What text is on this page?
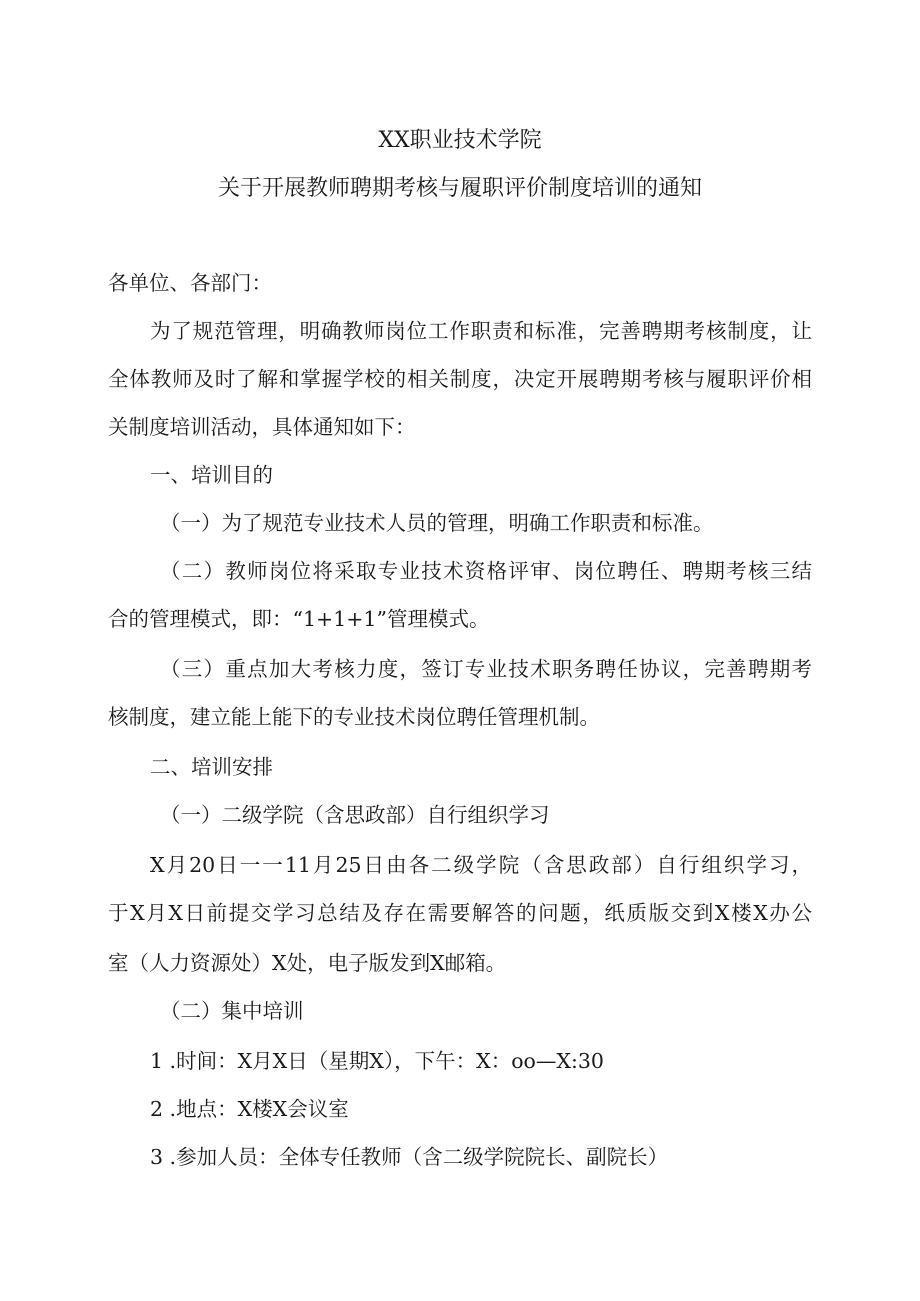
XX职业技术学院
关于开展教师聘期考核与履职评价制度培训的通知

各单位、各部门：

为了规范管理，明确教师岗位工作职责和标准，完善聘期考核制度，让

全体教师及时了解和掌握学校的相关制度，决定开展聘期考核与履职评价相

关制度培训活动，具体通知如下：

一、培训目的

（一）为了规范专业技术人员的管理，明确工作职责和标准。

（二）教师岗位将采取专业技术资格评审、岗位聘任、聘期考核三结

合的管理模式，即：“1+1+1”管理模式。

（三）重点加大考核力度，签订专业技术职务聘任协议，完善聘期考

核制度，建立能上能下的专业技术岗位聘任管理机制。

二、培训安排

（一）二级学院（含思政部）自行组织学习

X月20日一一11月25日由各二级学院（含思政部）自行组织学习，

于X月X日前提交学习总结及存在需要解答的问题，纸质版交到X楼X办公

室（人力资源处）X处，电子版发到X邮箱。

（二）集中培训

1 .时间：X月X日（星期X），下午：X：oo—X:30

2 .地点：X楼X会议室

3 .参加人员：全体专任教师（含二级学院院长、副院长）
